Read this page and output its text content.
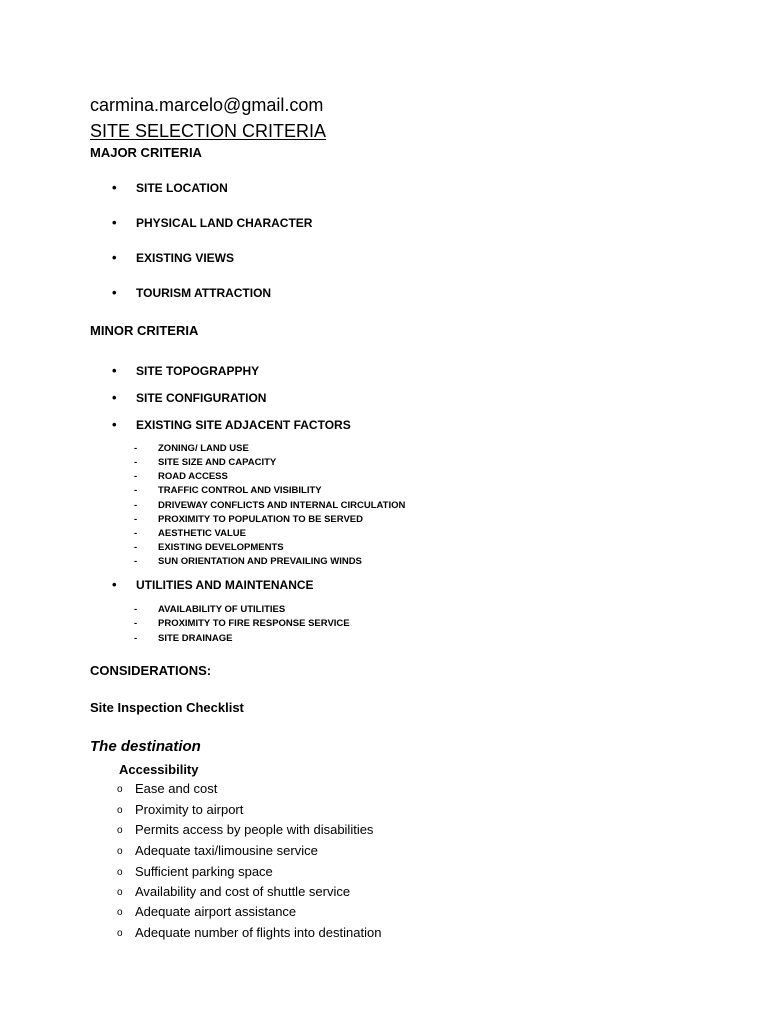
carmina.marcelo@gmail.com
SITE SELECTION CRITERIA
MAJOR CRITERIA
• SITE LOCATION
• PHYSICAL LAND CHARACTER
• EXISTING VIEWS
• TOURISM ATTRACTION
MINOR CRITERIA
• SITE TOPOGRAPPHY
• SITE CONFIGURATION
• EXISTING SITE ADJACENT FACTORS
- ZONING/ LAND USE
- SITE SIZE AND CAPACITY
- ROAD ACCESS
- TRAFFIC CONTROL AND VISIBILITY
- DRIVEWAY CONFLICTS AND INTERNAL CIRCULATION
- PROXIMITY TO POPULATION TO BE SERVED
- AESTHETIC VALUE
- EXISTING DEVELOPMENTS
- SUN ORIENTATION AND PREVAILING WINDS
• UTILITIES AND MAINTENANCE
- AVAILABILITY OF UTILITIES
- PROXIMITY TO FIRE RESPONSE SERVICE
- SITE DRAINAGE
CONSIDERATIONS:
Site Inspection Checklist
The destination
Accessibility
o Ease and cost
o Proximity to airport
o Permits access by people with disabilities
o Adequate taxi/limousine service
o Sufficient parking space
o Availability and cost of shuttle service
o Adequate airport assistance
o Adequate number of flights into destination
